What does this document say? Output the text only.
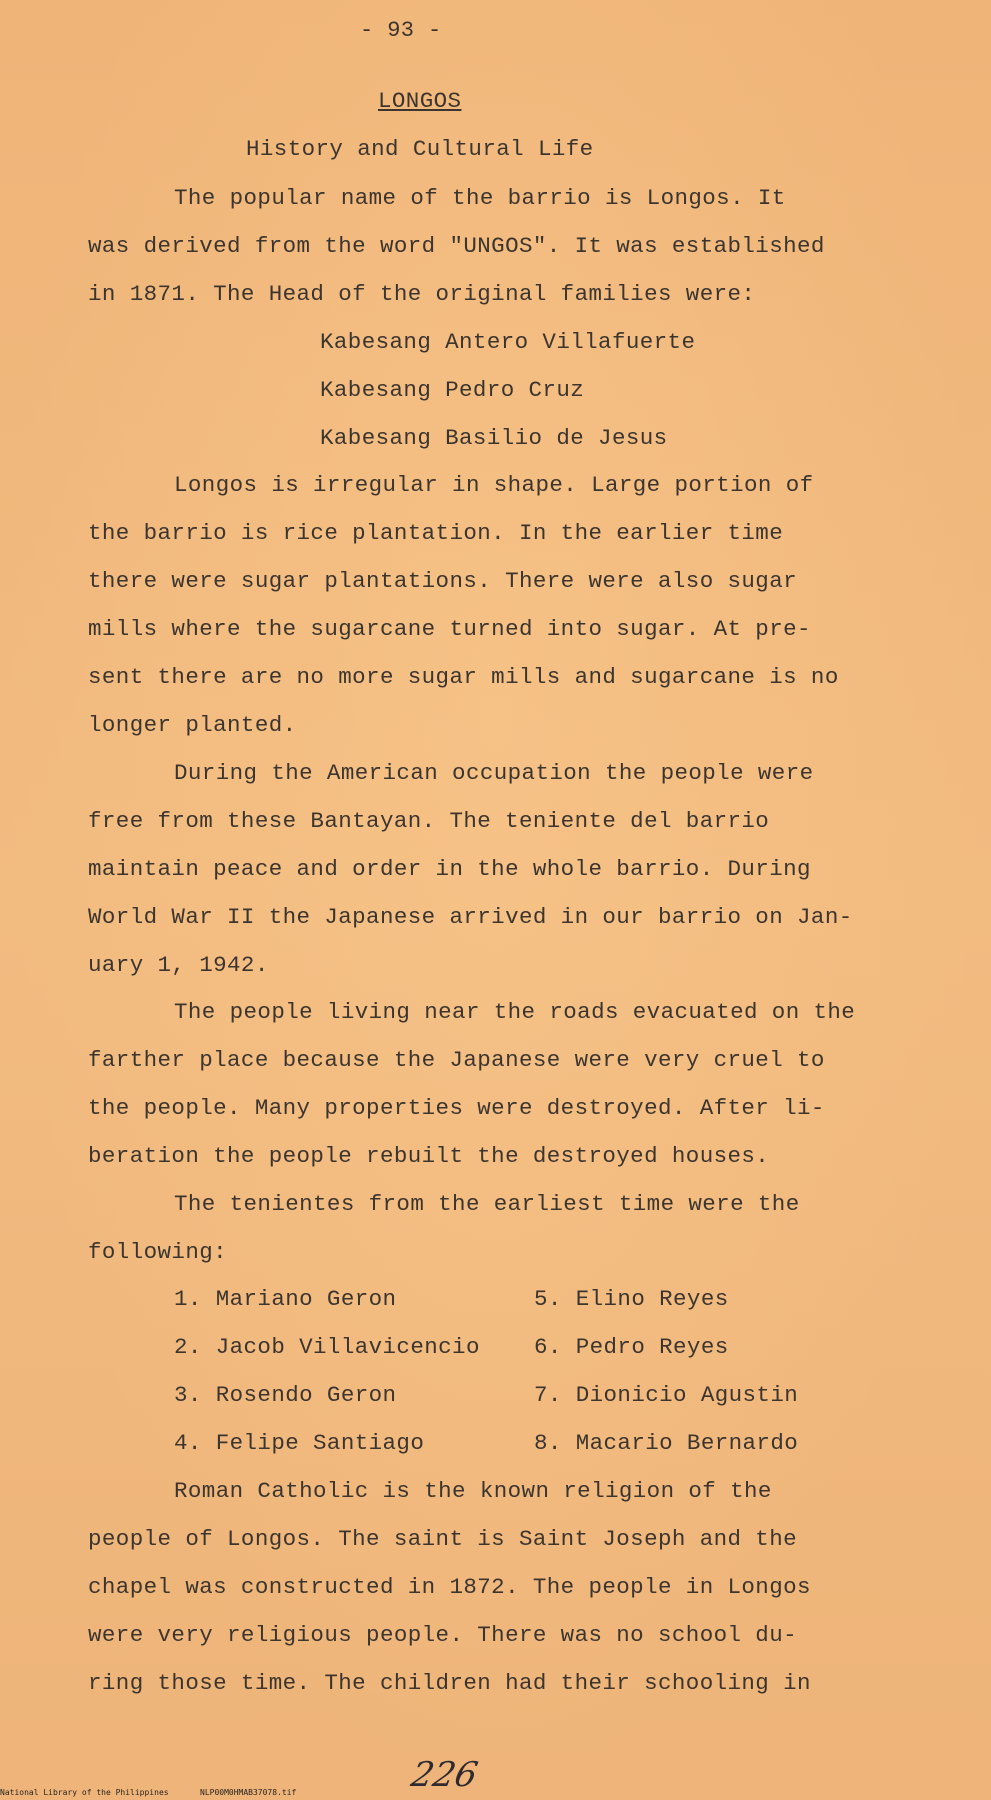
- 93 -
LONGOS
History and Cultural Life
The popular name of the barrio is Longos. It
was derived from the word "UNGOS". It was established
in 1871. The Head of the original families were:
Kabesang Antero Villafuerte
Kabesang Pedro Cruz
Kabesang Basilio de Jesus
Longos is irregular in shape. Large portion of
the barrio is rice plantation. In the earlier time
there were sugar plantations. There were also sugar
mills where the sugarcane turned into sugar. At pre-
sent there are no more sugar mills and sugarcane is no
longer planted.
During the American occupation the people were
free from these Bantayan. The teniente del barrio
maintain peace and order in the whole barrio. During
World War II the Japanese arrived in our barrio on Jan-
uary 1, 1942.
The people living near the roads evacuated on the
farther place because the Japanese were very cruel to
the people. Many properties were destroyed. After li-
beration the people rebuilt the destroyed houses.
The tenientes from the earliest time were the
following:
1. Mariano Geron
2. Jacob Villavicencio
3. Rosendo Geron
4. Felipe Santiago
5. Elino Reyes
6. Pedro Reyes
7. Dionicio Agustin
8. Macario Bernardo
Roman Catholic is the known religion of the
people of Longos. The saint is Saint Joseph and the
chapel was constructed in 1872. The people in Longos
were very religious people. There was no school du-
ring those time. The children had their schooling in
226
National Library of the Philippines	NLP00M0HMAB37078.tif
